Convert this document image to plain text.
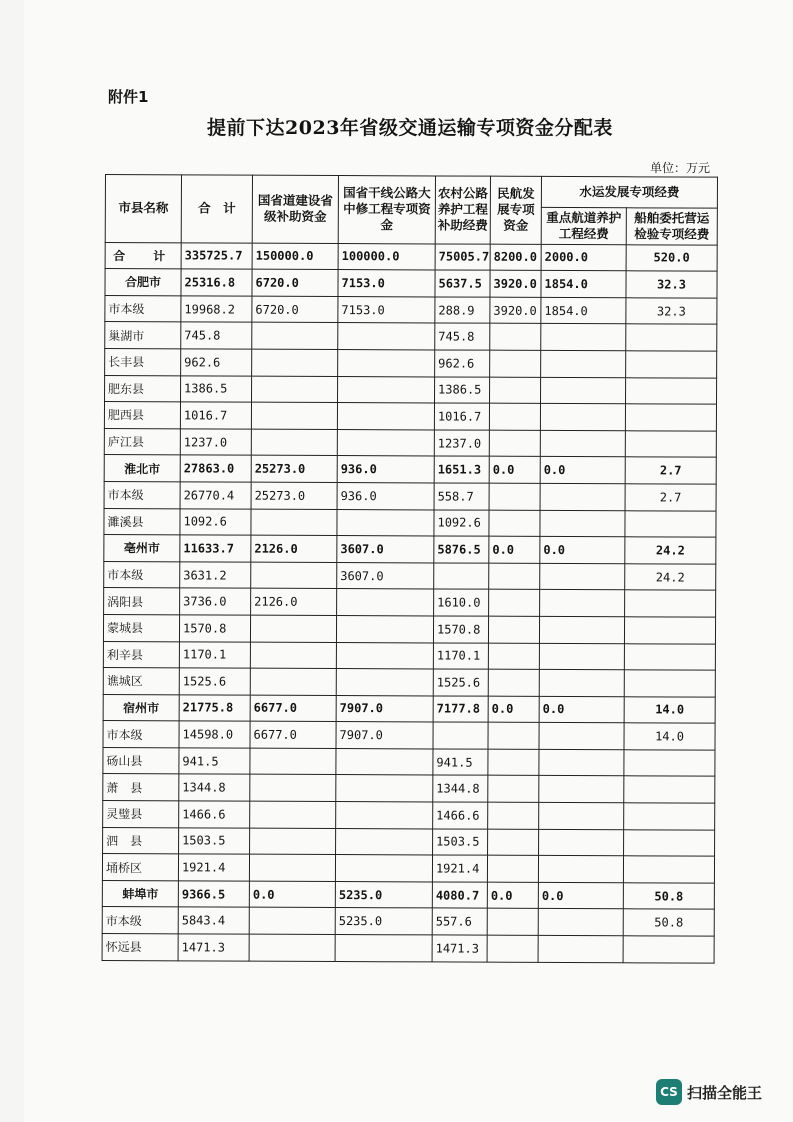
附件1
提前下达2023年省级交通运输专项资金分配表
单位：万元
市县名称	合　计	国省道建设省级补助资金	国省干线公路大中修工程专项资金	农村公路养护工程补助经费	民航发展专项资金	水运发展专项经费	
						重点航道养护工程经费	船舶委托营运检验专项经费
合　计	335725.7	150000.0	100000.0	75005.7	8200.0	2000.0	520.0
合肥市	25316.8	6720.0	7153.0	5637.5	3920.0	1854.0	32.3
市本级	19968.2	6720.0	7153.0	288.9	3920.0	1854.0	32.3
巢湖市	745.8			745.8			
长丰县	962.6			962.6			
肥东县	1386.5			1386.5			
肥西县	1016.7			1016.7			
庐江县	1237.0			1237.0			
淮北市	27863.0	25273.0	936.0	1651.3	0.0	0.0	2.7
市本级	26770.4	25273.0	936.0	558.7			2.7
濉溪县	1092.6			1092.6			
亳州市	11633.7	2126.0	3607.0	5876.5	0.0	0.0	24.2
市本级	3631.2		3607.0				24.2
涡阳县	3736.0	2126.0		1610.0			
蒙城县	1570.8			1570.8			
利辛县	1170.1			1170.1			
谯城区	1525.6			1525.6			
宿州市	21775.8	6677.0	7907.0	7177.8	0.0	0.0	14.0
市本级	14598.0	6677.0	7907.0				14.0
砀山县	941.5			941.5			
萧　县	1344.8			1344.8			
灵璧县	1466.6			1466.6			
泗　县	1503.5			1503.5			
埇桥区	1921.4			1921.4			
蚌埠市	9366.5	0.0	5235.0	4080.7	0.0	0.0	50.8
市本级	5843.4		5235.0	557.6			50.8
怀远县	1471.3			1471.3			
CS 扫描全能王
